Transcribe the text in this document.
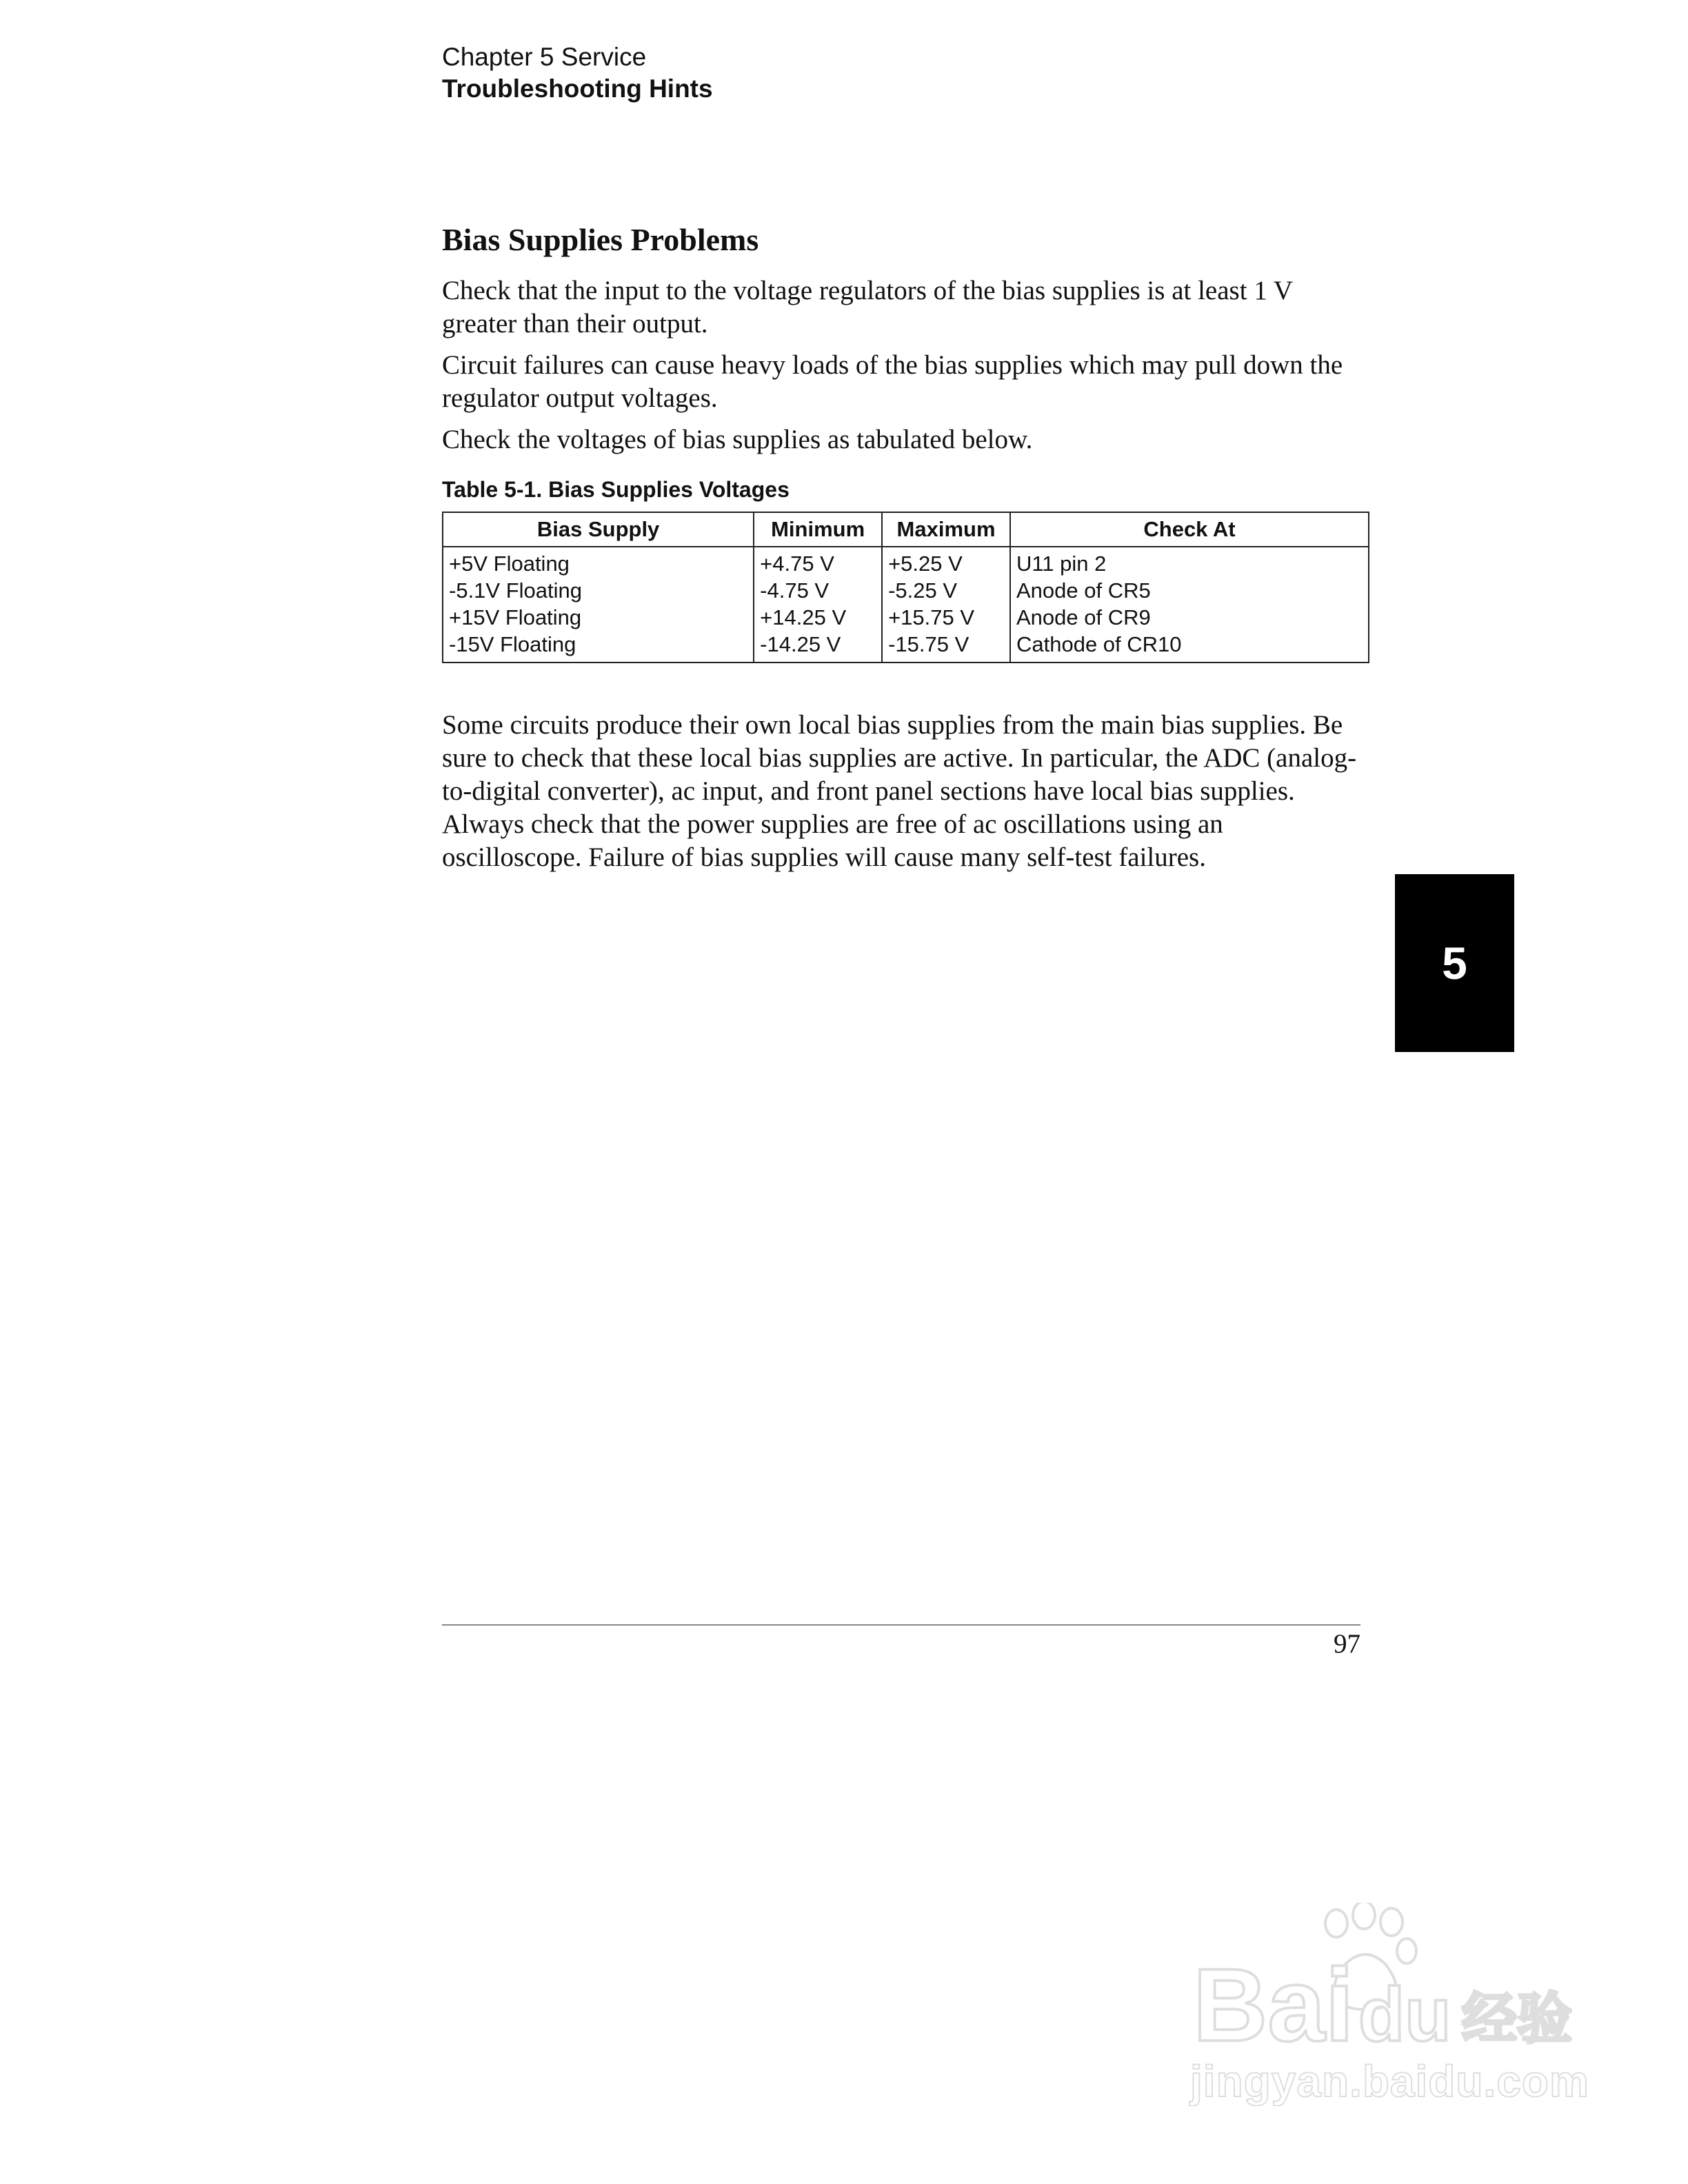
Chapter 5 Service
Troubleshooting Hints
Bias Supplies Problems

Check that the input to the voltage regulators of the bias supplies is at least 1 V greater than their output.

Circuit failures can cause heavy loads of the bias supplies which may pull down the regulator output voltages.

Check the voltages of bias supplies as tabulated below.

Table 5-1. Bias Supplies Voltages
Bias Supply	Minimum	Maximum	Check At
+5V Floating	+4.75 V	+5.25 V	U11 pin 2
-5.1V Floating	-4.75 V	-5.25 V	Anode of CR5
+15V Floating	+14.25 V	+15.75 V	Anode of CR9
-15V Floating	-14.25 V	-15.75 V	Cathode of CR10

Some circuits produce their own local bias supplies from the main bias supplies. Be sure to check that these local bias supplies are active. In particular, the ADC (analog-to-digital converter), ac input, and front panel sections have local bias supplies. Always check that the power supplies are free of ac oscillations using an oscilloscope. Failure of bias supplies will cause many self-test failures.

5
97
Bai du 经验
jingyan.baidu.com
